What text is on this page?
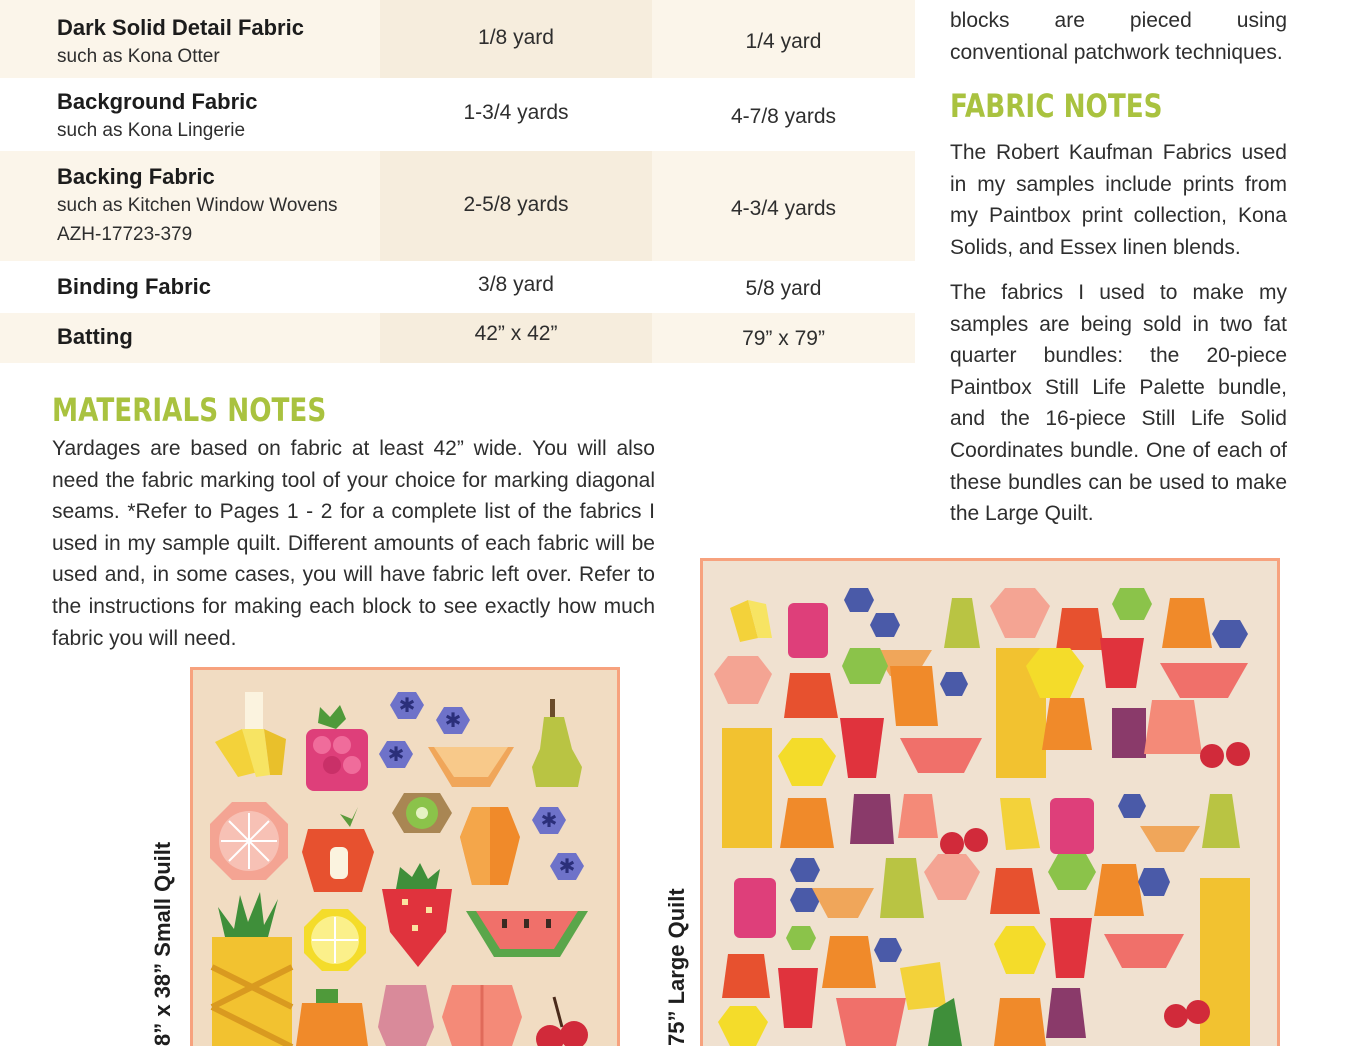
Dark Solid Detail Fabric
such as Kona Otter
1/8 yard	1/4 yard
Background Fabric
such as Kona Lingerie
1-3/4 yards	4-7/8 yards
Backing Fabric
such as Kitchen Window Wovens
AZH-17723-379
2-5/8 yards	4-3/4 yards
Binding Fabric	3/8 yard	5/8 yard
Batting	42” x 42”	79” x 79”
MATERIALS NOTES

Yardages are based on fabric at least 42” wide. You will also need the fabric marking tool of your choice for marking diagonal seams. *Refer to Pages 1 - 2 for a complete list of the fabrics I used in my sample quilt. Different amounts of each fabric will be used and, in some cases, you will have fabric left over. Refer to the instructions for making each block to see exactly how much fabric you will need.

blocks are pieced using conventional patchwork techniques.

FABRIC NOTES

The Robert Kaufman Fabrics used in my samples include prints from my Paintbox print collection, Kona Solids, and Essex linen blends.

The fabrics I used to make my samples are being sold in two fat quarter bundles: the 20-piece Paintbox Still Life Palette bundle, and the 16-piece Still Life Solid Coordinates bundle. One of each of these bundles can be used to make the Large Quilt.

8” x 38” Small Quilt
✱
✱
✱
✱
✱
75” Large Quilt
